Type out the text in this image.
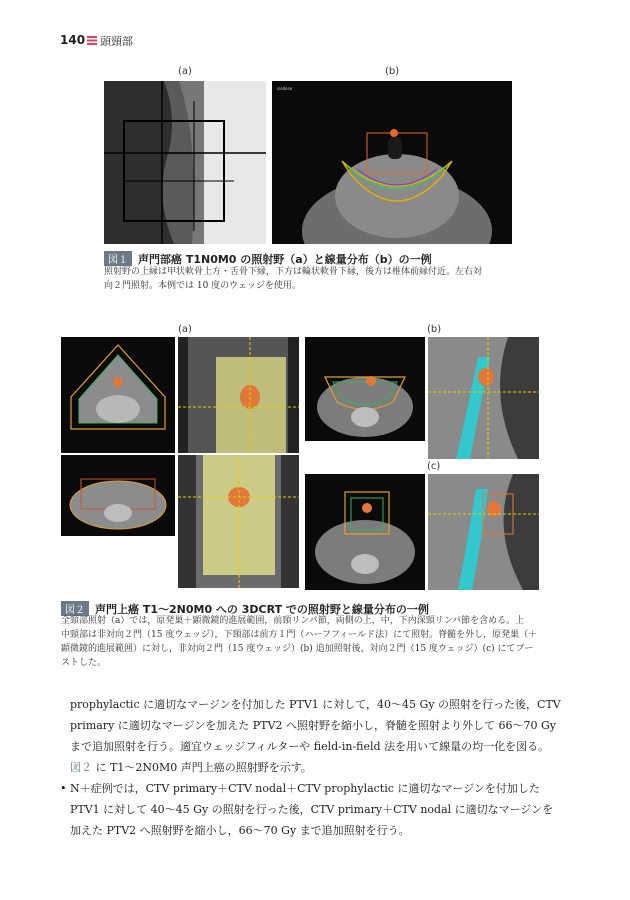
140 頭頸部
(a)	(b)
isodose
図１ 声門部癌 T1N0M0 の照射野（a）と線量分布（b）の一例
照射野の上縁は甲状軟骨上方・舌骨下縁，下方は輪状軟骨下縁，後方は椎体前縁付近。左右対
向２門照射。本例では 10 度のウェッジを使用。
(a)	(b)
(c)
図２ 声門上癌 T1～2N0M0 への 3DCRT での照射野と線量分布の一例
全頸部照射（a）では，原発巣＋顕微鏡的進展範囲，前頸リンパ節，両側の上，中，下内深頸リンパ節を含める。上
中頸部は非対向２門（15 度ウェッジ），下頸部は前方１門（ハーフフィールド法）にて照射。脊髄を外し，原発巣（＋
顕微鏡的進展範囲）に対し，非対向２門（15 度ウェッジ）(b) 追加照射後，対向２門（15 度ウェッジ）(c) にてブー
ストした。
prophylactic に適切なマージンを付加した PTV1 に対して，40～45 Gy の照射を行った後，CTV
primary に適切なマージンを加えた PTV2 へ照射野を縮小し，脊髄を照射より外して 66～70 Gy
まで追加照射を行う。適宜ウェッジフィルターや field-in-field 法を用いて線量の均一化を図る。
図２ に T1～2N0M0 声門上癌の照射野を示す。
• N＋症例では，CTV primary＋CTV nodal＋CTV prophylactic に適切なマージンを付加した
PTV1 に対して 40～45 Gy の照射を行った後，CTV primary＋CTV nodal に適切なマージンを
加えた PTV2 へ照射野を縮小し，66～70 Gy まで追加照射を行う。
